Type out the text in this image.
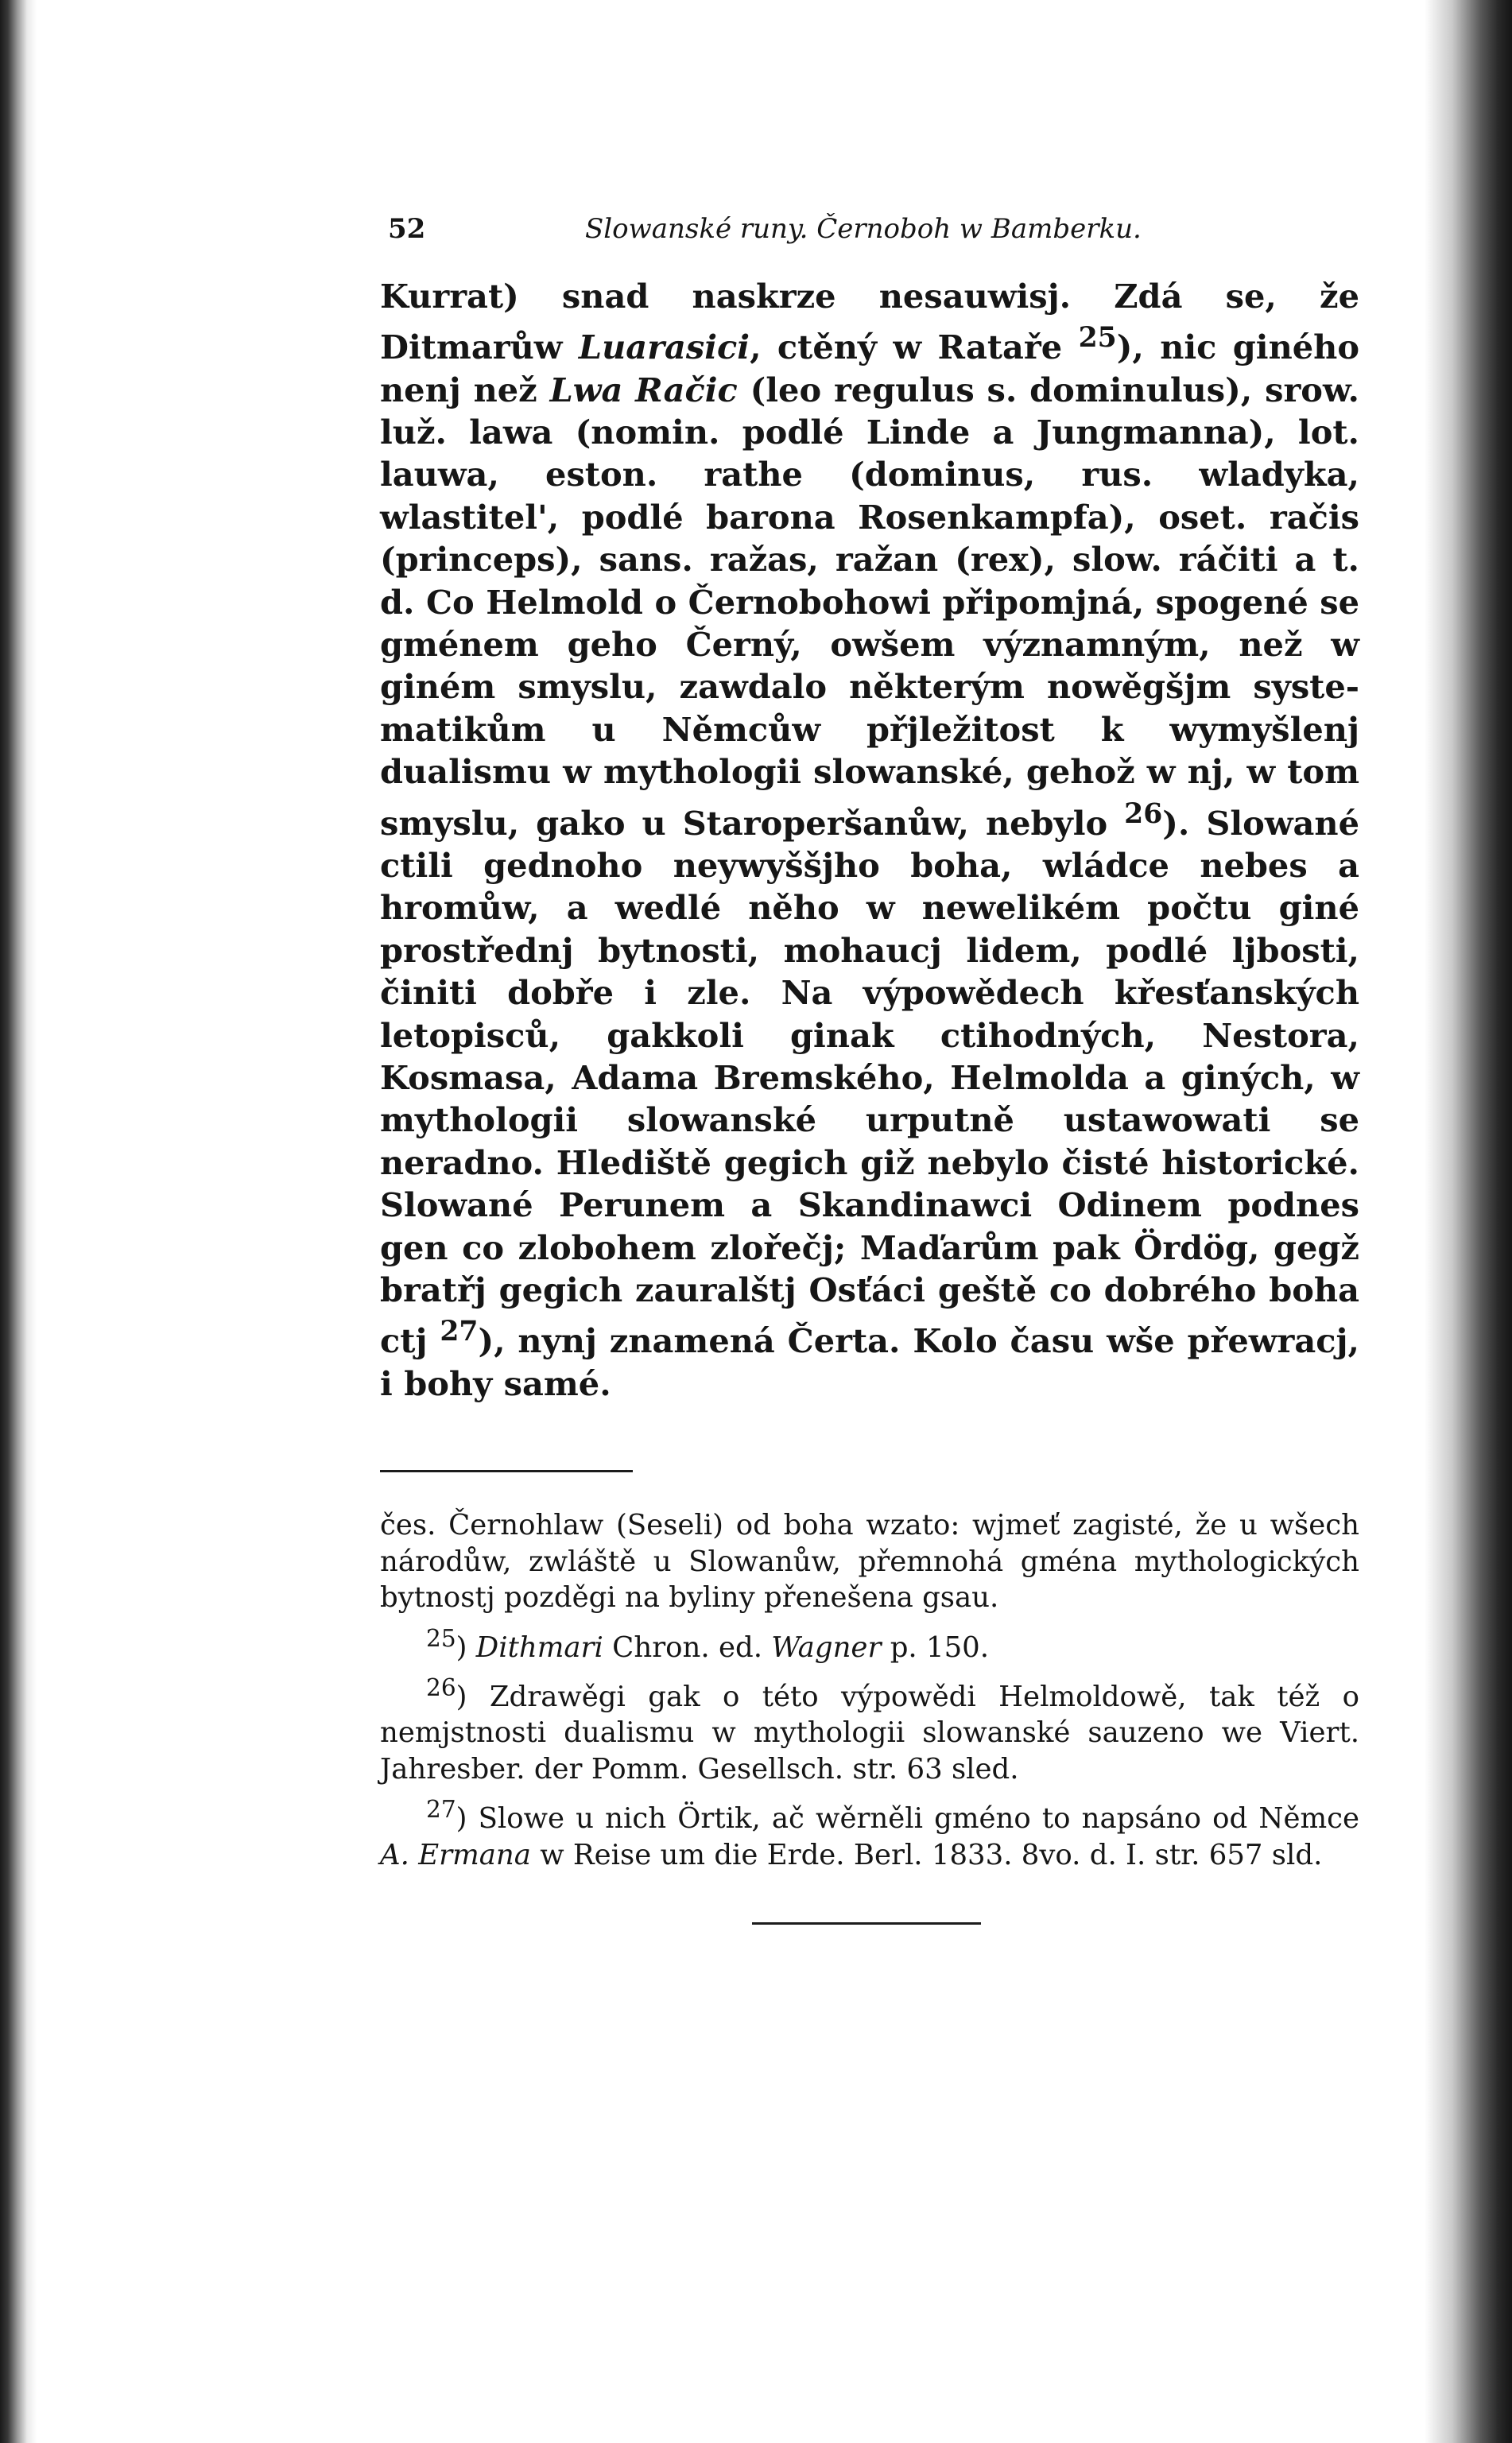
52	Slowanské runy. Černoboh w Bamberku.

Kurrat) snad naskrze nesauwisj. Zdá se, že Ditmarůw Luarasici, ctěný w Rataře $^{25}$), nic giného nenj než Lwa Račic (leo regulus s. dominulus), srow. luž. lawa (nomin. podlé Linde a Jungmanna), lot. lauwa, eston. rathe (dominus, rus. wladyka, wlastitel', podlé barona Rosenkampfa), oset. račis (princeps), sans. ražas, ražan (rex), slow. ráčiti a t. d. Co Helmold o Černobohowi připomjná, spogené se gménem geho Černý, owšem významným, než w giném smyslu, zawdalo některým nowěgšjm systematikům u Němcůw přjležitost k wymyšlenj dualismu w mythologii slowanské, gehož w nj, w tom smyslu, gako u Staroperšanůw, nebylo $^{26}$). Slowané ctili gednoho neywyššjho boha, wládce nebes a hromůw, a wedlé něho w newelikém počtu giné prostřednj bytnosti, mohaucj lidem, podlé ljbosti, činiti dobře i zle. Na výpowědech křesťanských letopisců, gakkoli ginak ctihodných, Nestora, Kosmasa, Adama Bremského, Helmolda a giných, w mythologii slowanské urputně ustawowati se neradno. Hlediště gegich giž nebylo čisté historické. Slowané Perunem a Skandinawci Odinem podnes gen co zlobohem zlořečj; Maďarům pak Ördög, gegž bratřj gegich zauralštj Osťáci geště co dobrého boha ctj $^{27}$), nynj znamená Čerta. Kolo času wše přewracj, i bohy samé.

čes. Černohlaw (Seseli) od boha wzato: wjmeť zagisté, že u wšech národůw, zwláště u Slowanůw, přemnohá gména mythologických bytnostj pozděgi na byliny přenešena gsau.

$^{25}$) Dithmari Chron. ed. Wagner p. 150.

$^{26}$) Zdrawěgi gak o této výpowědi Helmoldowě, tak též o nemjstnosti dualismu w mythologii slowanské sauzeno we Viert. Jahresber. der Pomm. Gesellsch. str. 63 sled.

$^{27}$) Slowe u nich Örtik, ač wěrněli gméno to napsáno od Němce A. Ermana w Reise um die Erde. Berl. 1833. 8vo. d. I. str. 657 sld.
